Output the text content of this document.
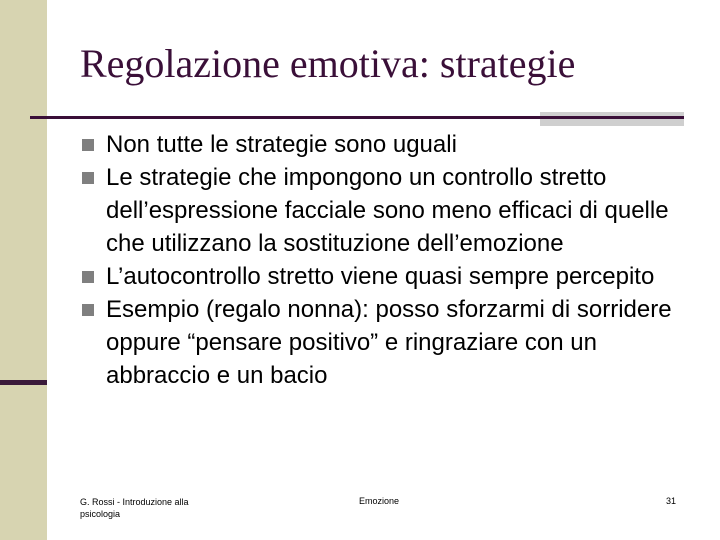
Regolazione emotiva: strategie
Non tutte le strategie sono uguali
Le strategie che impongono un controllo stretto dell’espressione facciale sono meno efficaci di quelle che utilizzano la sostituzione dell’emozione
L’autocontrollo stretto viene quasi sempre percepito
Esempio (regalo nonna): posso sforzarmi di sorridere oppure “pensare positivo” e ringraziare con un abbraccio e un bacio
G. Rossi - Introduzione alla psicologia
Emozione	31
